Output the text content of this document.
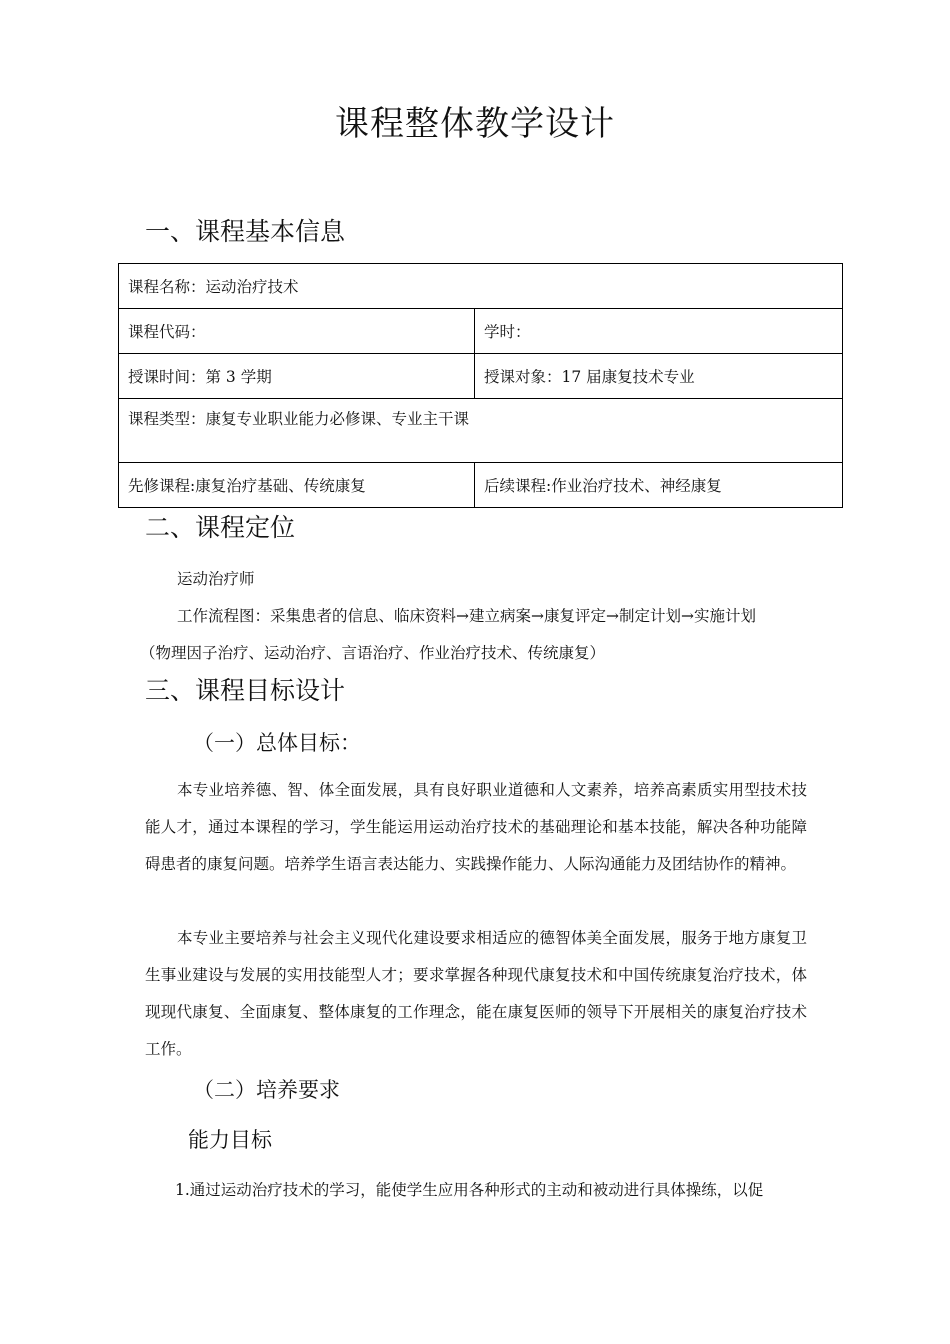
课程整体教学设计
一、课程基本信息
课程名称：运动治疗技术	
课程代码：	学时：
授课时间：第 3 学期	授课对象：17 届康复技术专业
课程类型：康复专业职业能力必修课、专业主干课	
先修课程:康复治疗基础、传统康复	后续课程:作业治疗技术、神经康复
二、课程定位
运动治疗师
工作流程图：采集患者的信息、临床资料→建立病案→康复评定→制定计划→实施计划
（物理因子治疗、运动治疗、言语治疗、作业治疗技术、传统康复）
三、课程目标设计
（一）总体目标：
本专业培养德、智、体全面发展，具有良好职业道德和人文素养，培养高素质实用型技术技能人才，通过本课程的学习，学生能运用运动治疗技术的基础理论和基本技能，解决各种功能障碍患者的康复问题。培养学生语言表达能力、实践操作能力、人际沟通能力及团结协作的精神。
本专业主要培养与社会主义现代化建设要求相适应的德智体美全面发展，服务于地方康复卫生事业建设与发展的实用技能型人才；要求掌握各种现代康复技术和中国传统康复治疗技术，体现现代康复、全面康复、整体康复的工作理念，能在康复医师的领导下开展相关的康复治疗技术工作。
（二）培养要求
能力目标
1.通过运动治疗技术的学习，能使学生应用各种形式的主动和被动进行具体操练，以促
